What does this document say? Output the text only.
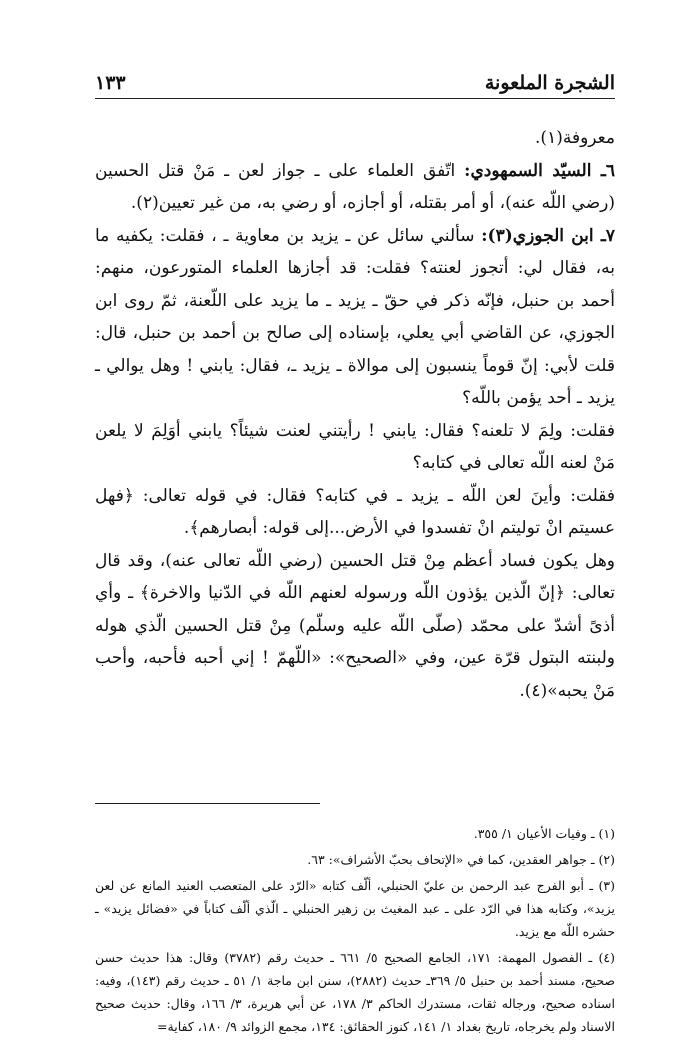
الشجرة الملعونة
١٣٣

معروفة(١).

٦ـ السيّد السمهودي: اتّفق العلماء على ـ جواز لعن ـ مَنْ قتل الحسين (رضي اللّه عنه)، أو أمر بقتله، أو أجازه، أو رضي به، من غير تعيين(٢).

٧ـ ابن الجوزي(٣): سألني سائل عن ـ يزيد بن معاوية ـ ، فقلت: يكفيه ما به، فقال لي: أتجوز لعنته؟ فقلت: قد أجازها العلماء المتورعون، منهم: أحمد بن حنبل، فإنّه ذكر في حقّ ـ يزيد ـ ما يزيد على اللّعنة، ثمّ روى ابن الجوزي، عن القاضي أبي يعلي، بإسناده إلى صالح بن أحمد بن حنبل، قال: قلت لأبي: إنّ قوماً ينسبون إلى موالاة ـ يزيد ـ، فقال: يابني ! وهل يوالي ـ يزيد ـ أحد يؤمن باللّه؟

فقلت: ولِمَ لا تلعنه؟ فقال: يابني ! رأيتني لعنت شيئاً؟ يابني أوَلِمَ لا يلعن مَنْ لعنه اللّه تعالى في كتابه؟

فقلت: وأينَ لعن اللّه ـ يزيد ـ في كتابه؟ فقال: في قوله تعالى: ﴿فهل عسيتم انْ توليتم انْ تفسدوا في الأرض...إلى قوله: أبصارهم﴾.

وهل يكون فساد أعظم مِنْ قتل الحسين (رضي اللّه تعالى عنه)، وقد قال تعالى: ﴿إنّ الّذين يؤذون اللّه ورسوله لعنهم اللّه في الدّنيا والاخرة﴾ ـ وأي أذىً أشدّ على محمّد (صلّى اللّه عليه وسلّم) مِنْ قتل الحسين الّذي هوله ولبنته البتول قرّة عين، وفي «الصحيح»: «اللّهمّ ! إني أحبه فأحبه، وأحب مَنْ يحبه»(٤).

(١) ـ وفيات الأعيان ١/ ٣٥٥.

(٢) ـ جواهر العقدين، كما في «الإتحاف بحبّ الأشراف»: ٦٣.

(٣) ـ أبو الفرج عبد الرحمن بن عليّ الحنبلي، ألّف كتابه «الرّد على المتعصب العنيد المانع عن لعن يزيد»، وكتابه هذا في الرّد على ـ عبد المغيث بن زهير الحنبلي ـ الّذي ألّف كتاباً في «فضائل يزيد» ـ حشره اللّه مع يزيد.

(٤) ـ الفصول المهمة: ١٧١، الجامع الصحيح ٥/ ٦٦١ ـ حديث رقم (٣٧٨٢) وقال: هذا حديث حسن صحيح، مسند أحمد بن حنبل ٥/ ٣٦٩ـ حديث (٢٨٨٢)، سنن ابن ماجة ١/ ٥١ ـ حديث رقم (١٤٣)، وفيه: اسناده صحيح، ورجاله ثقات، مستدرك الحاكم ٣/ ١٧٨، عن أبي هريرة، ٣/ ١٦٦، وقال: حديث صحيح الاسناد ولم يخرجاه، تاريخ بغداد ١/ ١٤١، كنوز الحقائق: ١٣٤، مجمع الزوائد ٩/ ١٨٠، كفاية=
